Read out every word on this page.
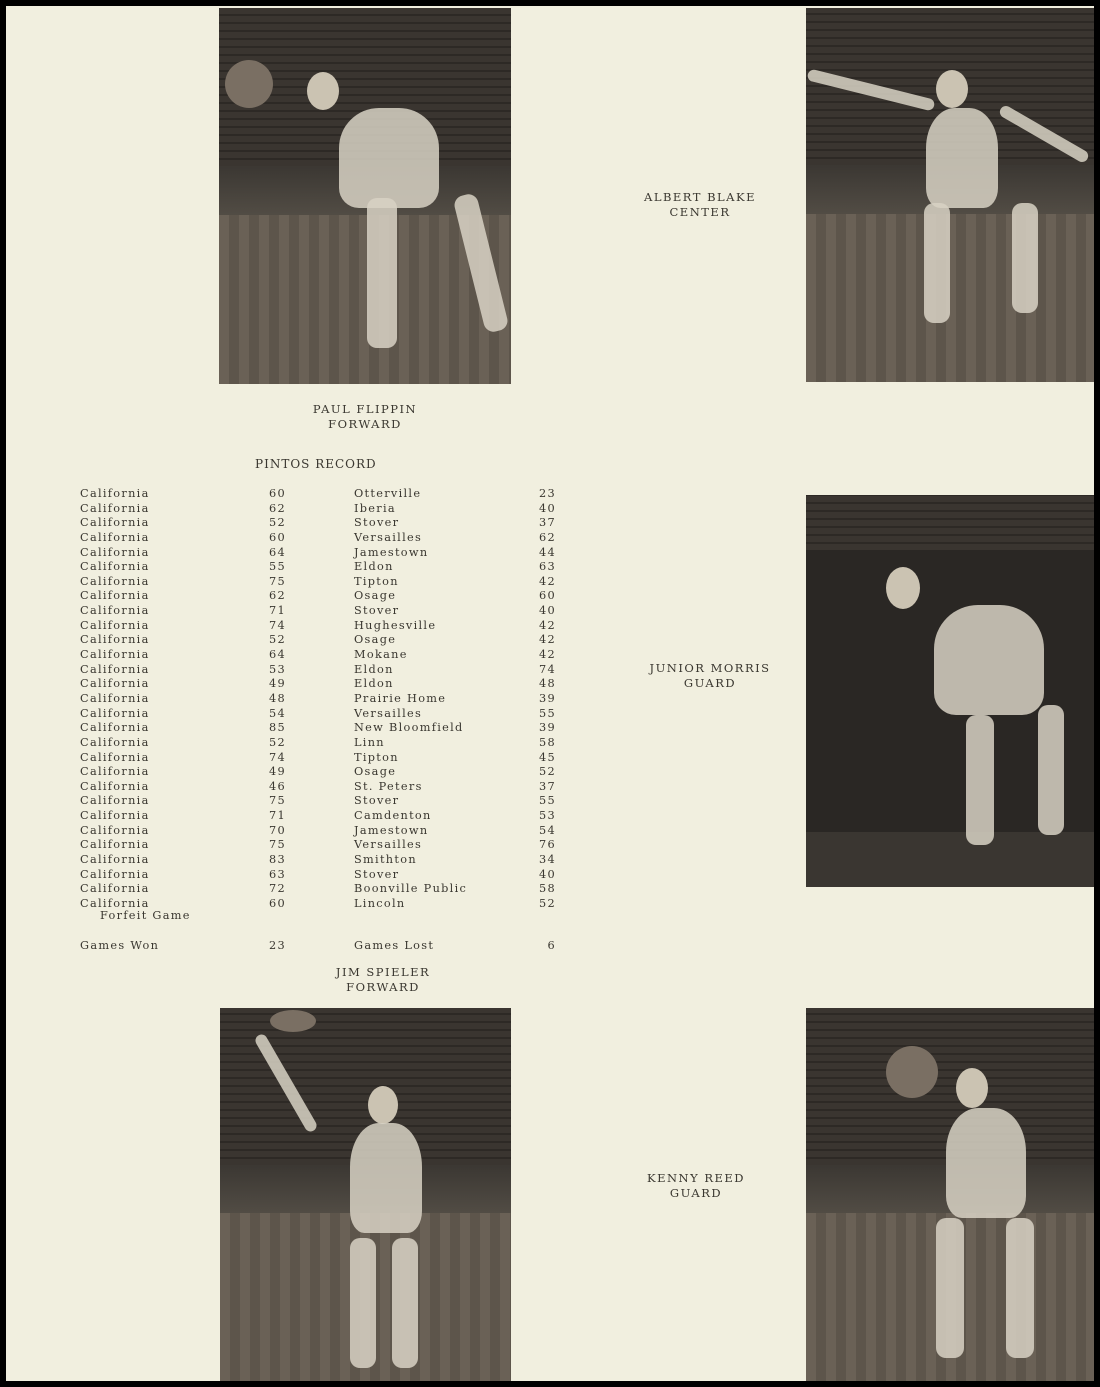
PAUL FLIPPIN
FORWARD
ALBERT BLAKE
CENTER
JUNIOR MORRIS
GUARD
PINTOS RECORD
California	60	Otterville	23
California	62	Iberia	40
California	52	Stover	37
California	60	Versailles	62
California	64	Jamestown	44
California	55	Eldon	63
California	75	Tipton	42
California	62	Osage	60
California	71	Stover	40
California	74	Hughesville	42
California	52	Osage	42
California	64	Mokane	42
California	53	Eldon	74
California	49	Eldon	48
California	48	Prairie Home	39
California	54	Versailles	55
California	85	New Bloomfield	39
California	52	Linn	58
California	74	Tipton	45
California	49	Osage	52
California	46	St. Peters	37
California	75	Stover	55
California	71	Camdenton	53
California	70	Jamestown	54
California	75	Versailles	76
California	83	Smithton	34
California	63	Stover	40
California	72	Boonville Public	58
California	60	Lincoln	52
Forfeit Game
Games Won	23	Games Lost	6
JIM SPIELER
FORWARD
KENNY REED
GUARD
